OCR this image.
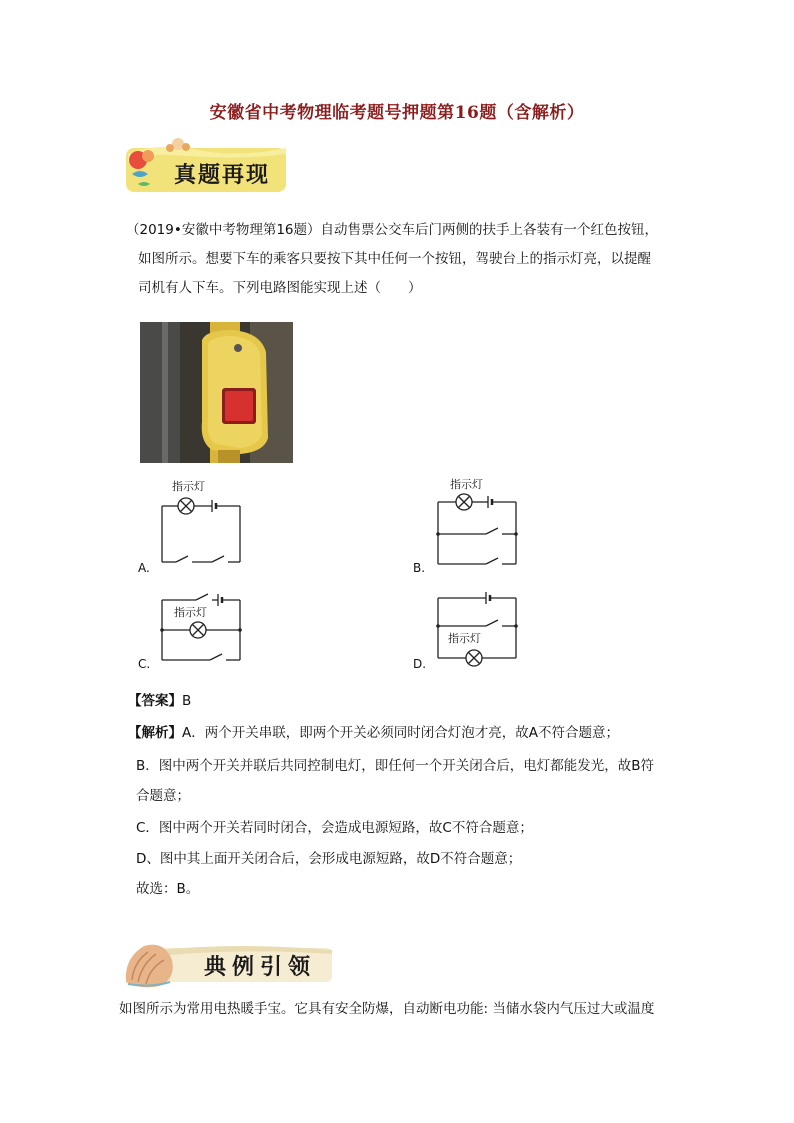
安徽省中考物理临考题号押题第16题（含解析）
真题再现
（2019•安徽中考物理第16题）自动售票公交车后门两侧的扶手上各装有一个红色按钮，
如图所示。想要下车的乘客只要按下其中任何一个按钮，驾驶台上的指示灯亮，以提醒
司机有人下车。下列电路图能实现上述（　　）
指示灯
A.
指示灯
B.
指示灯
C.
指示灯
D.
【答案】B
【解析】A．两个开关串联，即两个开关必须同时闭合灯泡才亮，故A不符合题意；
B．图中两个开关并联后共同控制电灯，即任何一个开关闭合后，电灯都能发光，故B符
合题意；
C．图中两个开关若同时闭合，会造成电源短路，故C不符合题意；
D、图中其上面开关闭合后，会形成电源短路，故D不符合题意；
故选：B。
典例引领
如图所示为常用电热暖手宝。它具有安全防爆，自动断电功能: 当储水袋内气压过大或温度
